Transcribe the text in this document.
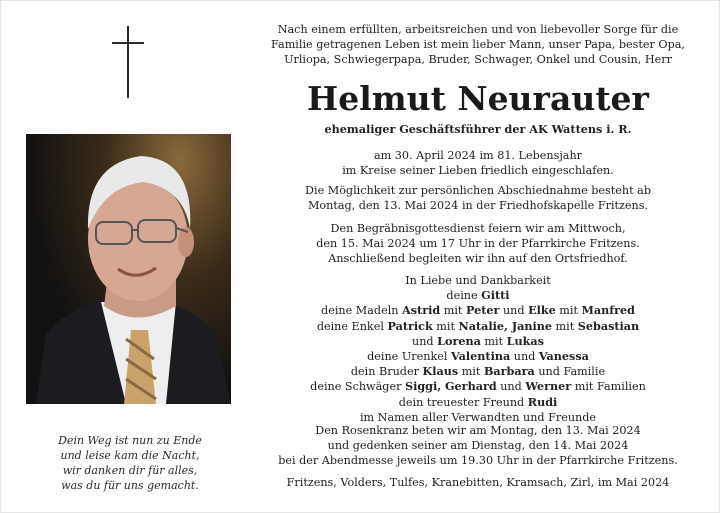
Dein Weg ist nun zu Ende
und leise kam die Nacht,
wir danken dir für alles,
was du für uns gemacht.
Nach einem erfüllten, arbeitsreichen und von liebevoller Sorge für die
Familie getragenen Leben ist mein lieber Mann, unser Papa, bester Opa,
Urliopa, Schwiegerpapa, Bruder, Schwager, Onkel und Cousin, Herr
Helmut Neurauter
ehemaliger Geschäftsführer der AK Wattens i. R.
am 30. April 2024 im 81. Lebensjahr
im Kreise seiner Lieben friedlich eingeschlafen.
Die Möglichkeit zur persönlichen Abschiednahme besteht ab
Montag, den 13. Mai 2024 in der Friedhofskapelle Fritzens.
Den Begräbnisgottesdienst feiern wir am Mittwoch,
den 15. Mai 2024 um 17 Uhr in der Pfarrkirche Fritzens.
Anschließend begleiten wir ihn auf den Ortsfriedhof.
In Liebe und Dankbarkeit
deine Gitti
deine Madeln Astrid mit Peter und Elke mit Manfred
deine Enkel Patrick mit Natalie, Janine mit Sebastian
und Lorena mit Lukas
deine Urenkel Valentina und Vanessa
dein Bruder Klaus mit Barbara und Familie
deine Schwäger Siggi, Gerhard und Werner mit Familien
dein treuester Freund Rudi
im Namen aller Verwandten und Freunde
Den Rosenkranz beten wir am Montag, den 13. Mai 2024
und gedenken seiner am Dienstag, den 14. Mai 2024
bei der Abendmesse jeweils um 19.30 Uhr in der Pfarrkirche Fritzens.
Fritzens, Volders, Tulfes, Kranebitten, Kramsach, Zirl, im Mai 2024
